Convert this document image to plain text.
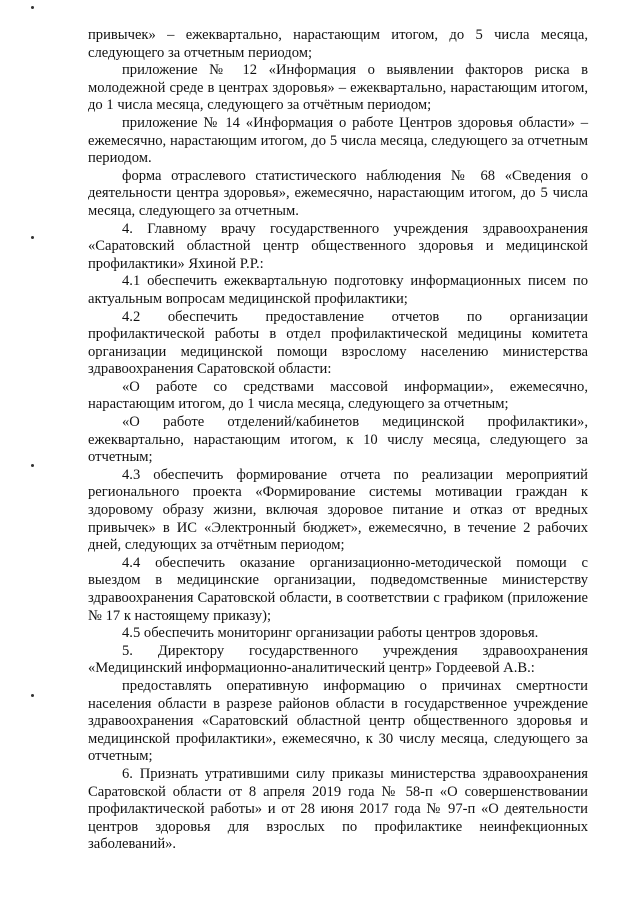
привычек» – ежеквартально, нарастающим итогом, до 5 числа месяца, следующего за отчетным периодом;

приложение № 12 «Информация о выявлении факторов риска в молодежной среде в центрах здоровья» – ежеквартально, нарастающим итогом, до 1 числа месяца, следующего за отчётным периодом;

приложение № 14 «Информация о работе Центров здоровья области» – ежемесячно, нарастающим итогом, до 5 числа месяца, следующего за отчетным периодом.

форма отраслевого статистического наблюдения № 68 «Сведения о деятельности центра здоровья», ежемесячно, нарастающим итогом, до 5 числа месяца, следующего за отчетным.

4. Главному врачу государственного учреждения здравоохранения «Саратовский областной центр общественного здоровья и медицинской профилактики» Яхиной Р.Р.:

4.1 обеспечить ежеквартальную подготовку информационных писем по актуальным вопросам медицинской профилактики;

4.2 обеспечить предоставление отчетов по организации профилактической работы в отдел профилактической медицины комитета организации медицинской помощи взрослому населению министерства здравоохранения Саратовской области:

«О работе со средствами массовой информации», ежемесячно, нарастающим итогом, до 1 числа месяца, следующего за отчетным;

«О работе отделений/кабинетов медицинской профилактики», ежеквартально, нарастающим итогом, к 10 числу месяца, следующего за отчетным;

4.3 обеспечить формирование отчета по реализации мероприятий регионального проекта «Формирование системы мотивации граждан к здоровому образу жизни, включая здоровое питание и отказ от вредных привычек» в ИС «Электронный бюджет», ежемесячно, в течение 2 рабочих дней, следующих за отчётным периодом;

4.4 обеспечить оказание организационно-методической помощи с выездом в медицинские организации, подведомственные министерству здравоохранения Саратовской области, в соответствии с графиком (приложение № 17 к настоящему приказу);

4.5 обеспечить мониторинг организации работы центров здоровья.

5. Директору государственного учреждения здравоохранения «Медицинский информационно-аналитический центр» Гордеевой А.В.:

предоставлять оперативную информацию о причинах смертности населения области в разрезе районов области в государственное учреждение здравоохранения «Саратовский областной центр общественного здоровья и медицинской профилактики», ежемесячно, к 30 числу месяца, следующего за отчетным;

6. Признать утратившими силу приказы министерства здравоохранения Саратовской области от 8 апреля 2019 года № 58-п «О совершенствовании профилактической работы» и от 28 июня 2017 года № 97-п «О деятельности центров здоровья для взрослых по профилактике неинфекционных заболеваний».
